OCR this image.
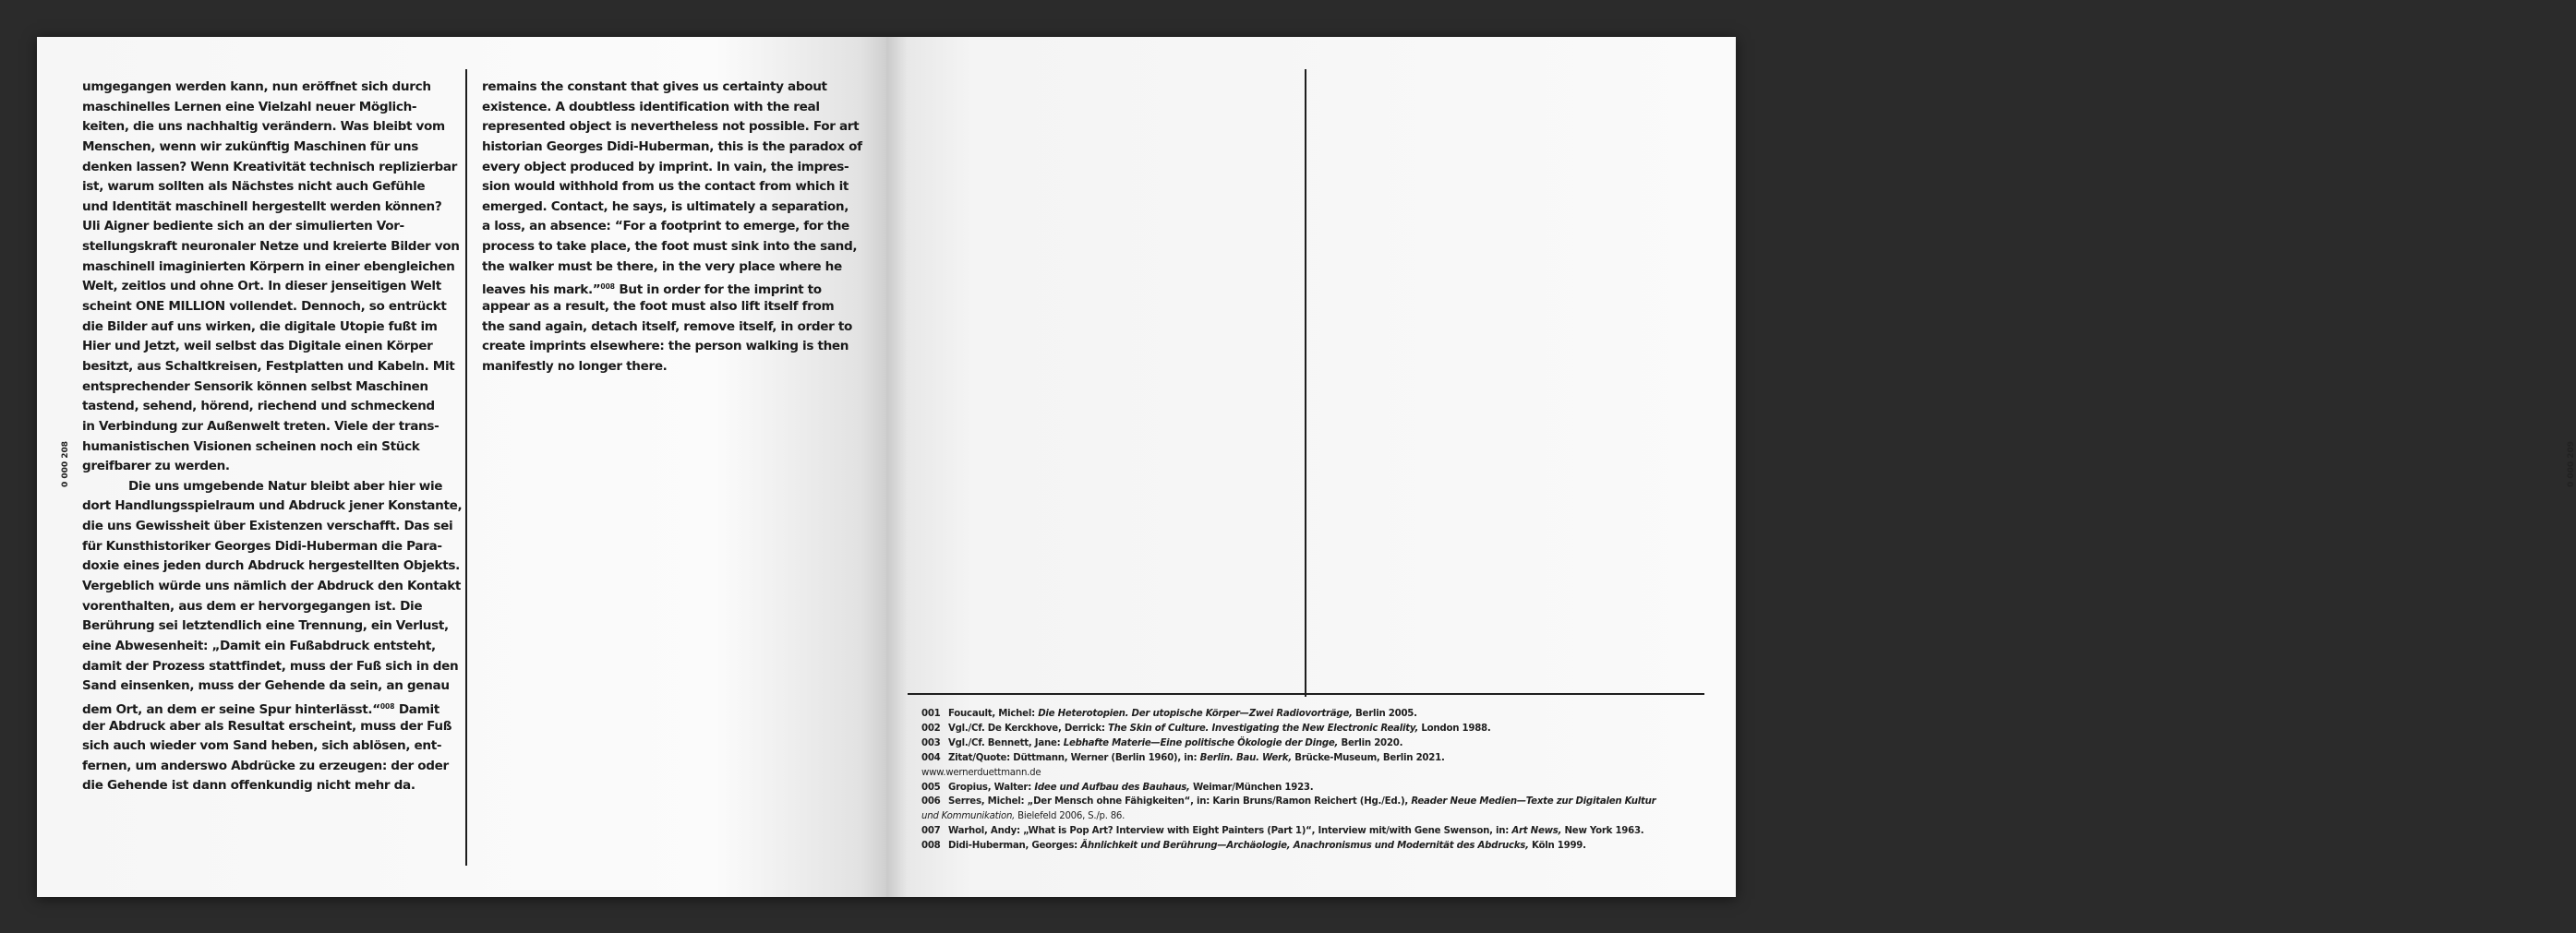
umgegangen werden kann, nun eröffnet sich durch
maschinelles Lernen eine Vielzahl neuer Möglich-
keiten, die uns nachhaltig verändern. Was bleibt vom
Menschen, wenn wir zukünftig Maschinen für uns
denken lassen? Wenn Kreativität technisch replizierbar
ist, warum sollten als Nächstes nicht auch Gefühle
und Identität maschinell hergestellt werden können?
Uli Aigner bediente sich an der simulierten Vor-
stellungskraft neuronaler Netze und kreierte Bilder von
maschinell imaginierten Körpern in einer ebengleichen
Welt, zeitlos und ohne Ort. In dieser jenseitigen Welt
scheint ONE MILLION vollendet. Dennoch, so entrückt
die Bilder auf uns wirken, die digitale Utopie fußt im
Hier und Jetzt, weil selbst das Digitale einen Körper
besitzt, aus Schaltkreisen, Festplatten und Kabeln. Mit
entsprechender Sensorik können selbst Maschinen
tastend, sehend, hörend, riechend und schmeckend
in Verbindung zur Außenwelt treten. Viele der trans-
humanistischen Visionen scheinen noch ein Stück
greifbarer zu werden.
Die uns umgebende Natur bleibt aber hier wie
dort Handlungsspielraum und Abdruck jener Konstante,
die uns Gewissheit über Existenzen verschafft. Das sei
für Kunsthistoriker Georges Didi-Huberman die Para-
doxie eines jeden durch Abdruck hergestellten Objekts.
Vergeblich würde uns nämlich der Abdruck den Kontakt
vorenthalten, aus dem er hervorgegangen ist. Die
Berührung sei letztendlich eine Trennung, ein Verlust,
eine Abwesenheit: „Damit ein Fußabdruck entsteht,
damit der Prozess stattfindet, muss der Fuß sich in den
Sand einsenken, muss der Gehende da sein, an genau
dem Ort, an dem er seine Spur hinterlässt.“$^{008}$ Damit
der Abdruck aber als Resultat erscheint, muss der Fuß
sich auch wieder vom Sand heben, sich ablösen, ent-
fernen, um anderswo Abdrücke zu erzeugen: der oder
die Gehende ist dann offenkundig nicht mehr da.
remains the constant that gives us certainty about
existence. A doubtless identification with the real
represented object is nevertheless not possible. For art
historian Georges Didi-Huberman, this is the paradox of
every object produced by imprint. In vain, the impres-
sion would withhold from us the contact from which it
emerged. Contact, he says, is ultimately a separation,
a loss, an absence: “For a footprint to emerge, for the
process to take place, the foot must sink into the sand,
the walker must be there, in the very place where he
leaves his mark.”$^{008}$ But in order for the imprint to
appear as a result, the foot must also lift itself from
the sand again, detach itself, remove itself, in order to
create imprints elsewhere: the person walking is then
manifestly no longer there.
0 000 208	0 000 209
001 Foucault, Michel: Die Heterotopien. Der utopische Körper—Zwei Radiovorträge, Berlin 2005.
002 Vgl./Cf. De Kerckhove, Derrick: The Skin of Culture. Investigating the New Electronic Reality, London 1988.
003 Vgl./Cf. Bennett, Jane: Lebhafte Materie—Eine politische Ökologie der Dinge, Berlin 2020.
004 Zitat/Quote: Düttmann, Werner (Berlin 1960), in: Berlin. Bau. Werk, Brücke-Museum, Berlin 2021.
www.wernerduettmann.de
005 Gropius, Walter: Idee und Aufbau des Bauhaus, Weimar/München 1923.
006 Serres, Michel: „Der Mensch ohne Fähigkeiten“, in: Karin Bruns/Ramon Reichert (Hg./Ed.), Reader Neue Medien—Texte zur Digitalen Kultur
und Kommunikation, Bielefeld 2006, S./p. 86.
007 Warhol, Andy: „What is Pop Art? Interview with Eight Painters (Part 1)“, Interview mit/with Gene Swenson, in: Art News, New York 1963.
008 Didi-Huberman, Georges: Ähnlichkeit und Berührung—Archäologie, Anachronismus und Modernität des Abdrucks, Köln 1999.
